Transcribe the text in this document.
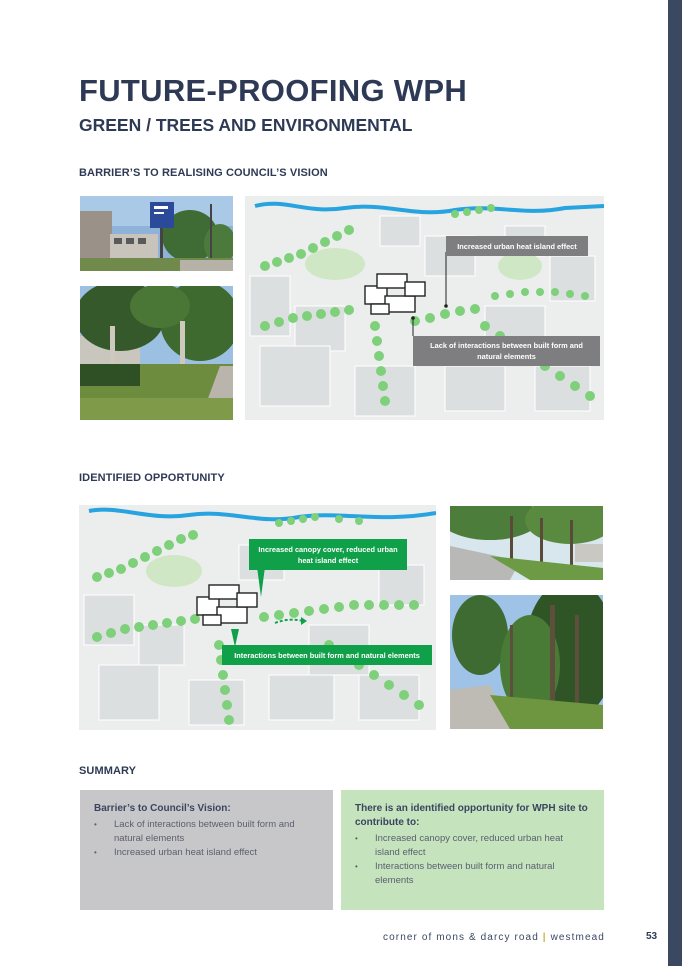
FUTURE-PROOFING WPH
GREEN / TREES AND ENVIRONMENTAL
BARRIER’S TO REALISING COUNCIL’S VISION
Increased urban heat island effect
Lack of interactions between built form and natural elements
IDENTIFIED OPPORTUNITY
Increased canopy cover, reduced urban heat island effect
Interactions between built form and natural elements
SUMMARY
Barrier’s to Council’s Vision:
• Lack of interactions between built form and natural elements
• Increased urban heat island effect
There is an identified opportunity for WPH site to contribute to:
• Increased canopy cover, reduced urban heat island effect
• Interactions between built form and natural elements
corner of mons & darcy road | westmead	53
